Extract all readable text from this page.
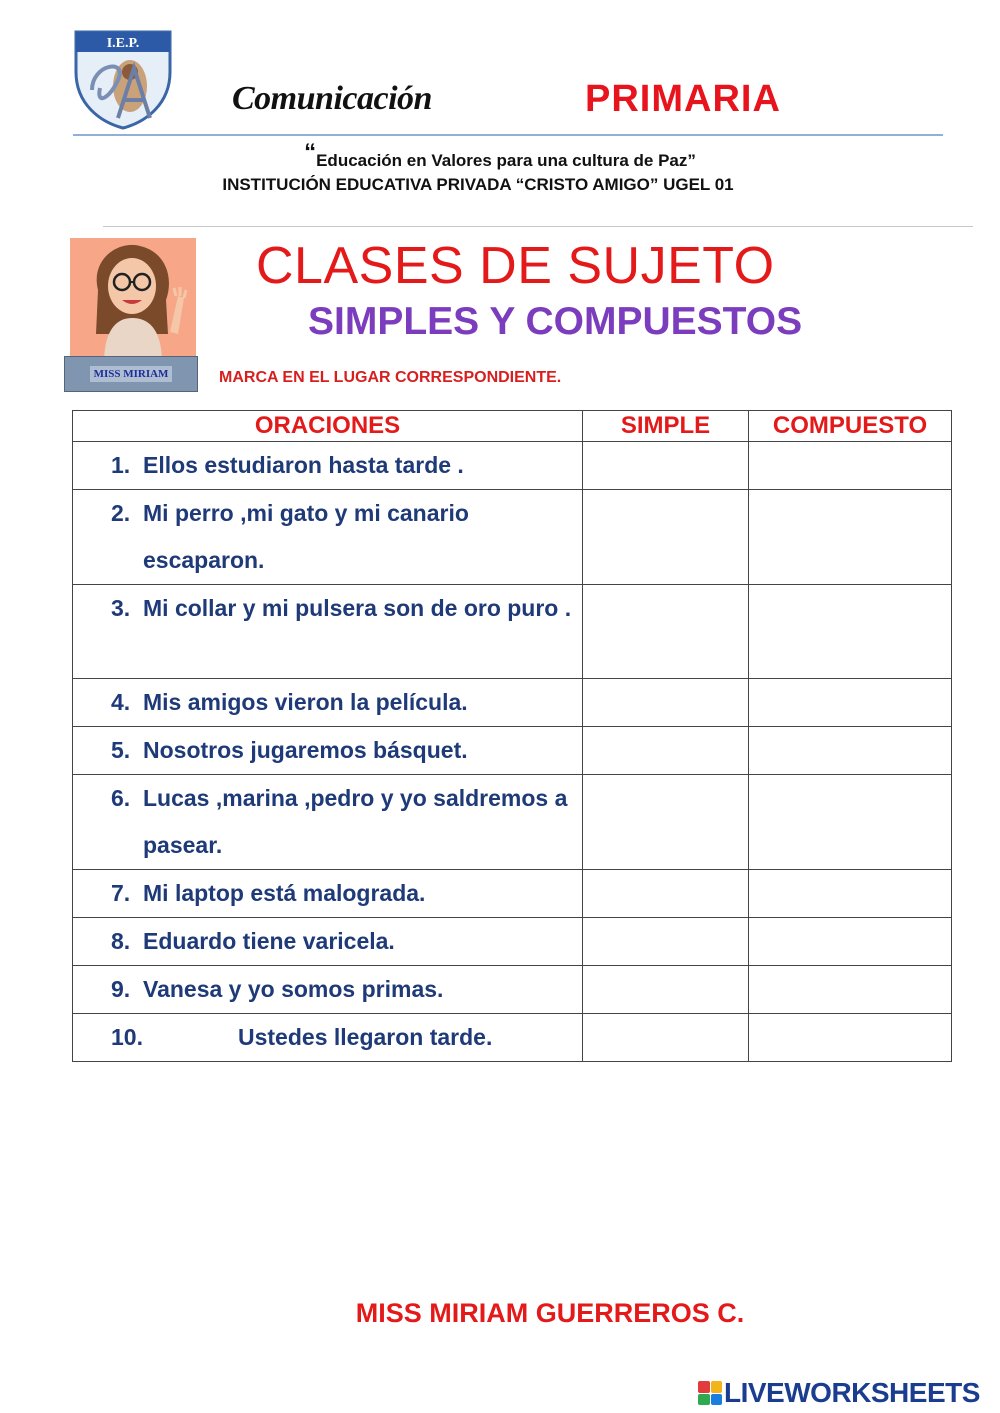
I.E.P.
Comunicación	PRIMARIA
“Educación en Valores para una cultura de Paz”
INSTITUCIÓN EDUCATIVA PRIVADA “CRISTO AMIGO” UGEL 01
MISS MIRIAM
CLASES DE SUJETO
SIMPLES Y COMPUESTOS
MARCA EN EL LUGAR CORRESPONDIENTE.
ORACIONES	SIMPLE	COMPUESTO

1. Ellos estudiaron hasta tarde .		

2. Mi perro ,mi gato y mi canario escaparon.		

3. Mi collar y mi pulsera son de oro puro .		

4. Mis amigos vieron la película.		

5. Nosotros jugaremos básquet.		

6. Lucas ,marina ,pedro y yo saldremos a pasear.		

7. Mi laptop está malograda.		

8. Eduardo tiene varicela.		

9. Vanesa y yo somos primas.		

10. Ustedes llegaron tarde.		

MISS MIRIAM GUERREROS C.
LIVEWORKSHEETS
